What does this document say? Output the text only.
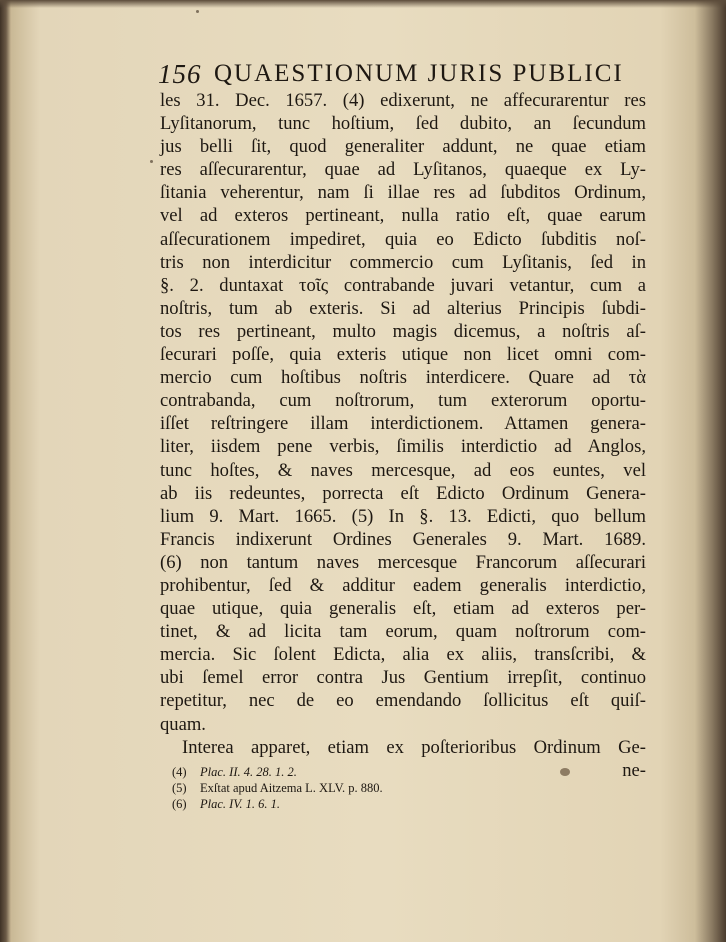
156 QUAESTIONUM JURIS PUBLICI
les 31. Dec. 1657. (4) edixerunt, ne affecurarentur res
Lyſitanorum, tunc hoſtium, ſed dubito, an ſecundum
jus belli ſit, quod generaliter addunt, ne quae etiam
res aſſecurarentur, quae ad Lyſitanos, quaeque ex Ly-
ſitania veherentur, nam ſi illae res ad ſubditos Ordinum,
vel ad exteros pertineant, nulla ratio eſt, quae earum
aſſecurationem impediret, quia eo Edicto ſubditis noſ-
tris non interdicitur commercio cum Lyſitanis, ſed in
§. 2. duntaxat τοῖς contrabande juvari vetantur, cum a
noſtris, tum ab exteris. Si ad alterius Principis ſubdi-
tos res pertineant, multo magis dicemus, a noſtris aſ-
ſecurari poſſe, quia exteris utique non licet omni com-
mercio cum hoſtibus noſtris interdicere. Quare ad τὰ
contrabanda, cum noſtrorum, tum exterorum oportu-
iſſet reſtringere illam interdictionem. Attamen genera-
liter, iisdem pene verbis, ſimilis interdictio ad Anglos,
tunc hoſtes, & naves mercesque, ad eos euntes, vel
ab iis redeuntes, porrecta eſt Edicto Ordinum Genera-
lium 9. Mart. 1665. (5) In §. 13. Edicti, quo bellum
Francis indixerunt Ordines Generales 9. Mart. 1689.
(6) non tantum naves mercesque Francorum aſſecurari
prohibentur, ſed & additur eadem generalis interdictio,
quae utique, quia generalis eſt, etiam ad exteros per-
tinet, & ad licita tam eorum, quam noſtrorum com-
mercia. Sic ſolent Edicta, alia ex aliis, transſcribi, &
ubi ſemel error contra Jus Gentium irrepſit, continuo
repetitur, nec de eo emendando ſollicitus eſt quiſ-
quam.
Interea apparet, etiam ex poſterioribus Ordinum Ge-
ne-
(4) Plac. II. 4. 28. 1. 2.
(5) Exſtat apud Aitzema L. XLV. p. 880.
(6) Plac. IV. 1. 6. 1.
